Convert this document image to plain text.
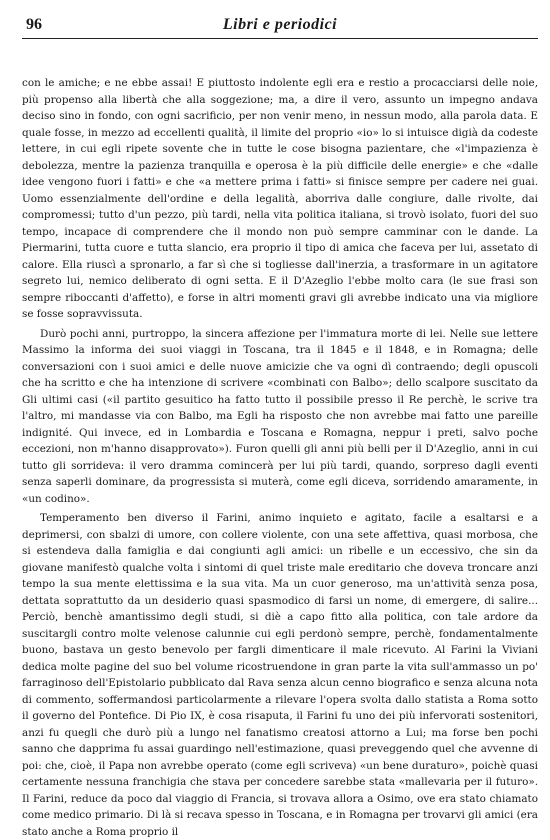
96	Libri e periodici

con le amiche; e ne ebbe assai! E piuttosto indolente egli era e restio a procacciarsi delle noie, più propenso alla libertà che alla soggezione; ma, a dire il vero, assunto un impegno andava deciso sino in fondo, con ogni sacrificio, per non venir meno, in nessun modo, alla parola data. E quale fosse, in mezzo ad eccellenti qualità, il limite del proprio «io» lo si intuisce digià da codeste lettere, in cui egli ripete sovente che in tutte le cose bisogna pazientare, che «l'impazienza è debolezza, mentre la pazienza tranquilla e operosa è la più difficile delle energie» e che «dalle idee vengono fuori i fatti» e che «a mettere prima i fatti» si finisce sempre per cadere nei guai. Uomo essenzialmente dell'ordine e della legalità, aborriva dalle congiure, dalle rivolte, dai compromessi; tutto d'un pezzo, più tardi, nella vita politica italiana, si trovò isolato, fuori del suo tempo, incapace di comprendere che il mondo non può sempre camminar con le dande. La Piermarini, tutta cuore e tutta slancio, era proprio il tipo di amica che faceva per lui, assetato di calore. Ella riuscì a spronarlo, a far sì che si togliesse dall'inerzia, a trasformare in un agitatore segreto lui, nemico deliberato di ogni setta. E il D'Azeglio l'ebbe molto cara (le sue frasi son sempre riboccanti d'affetto), e forse in altri momenti gravi gli avrebbe indicato una via migliore se fosse sopravvissuta.

Durò pochi anni, purtroppo, la sincera affezione per l'immatura morte di lei. Nelle sue lettere Massimo la informa dei suoi viaggi in Toscana, tra il 1845 e il 1848, e in Romagna; delle conversazioni con i suoi amici e delle nuove amicizie che va ogni dì contraendo; degli opuscoli che ha scritto e che ha intenzione di scrivere «combinati con Balbo»; dello scalpore suscitato da Gli ultimi casi («il partito gesuitico ha fatto tutto il possibile presso il Re perchè, le scrive tra l'altro, mi mandasse via con Balbo, ma Egli ha risposto che non avrebbe mai fatto une pareille indignité. Qui invece, ed in Lombardia e Toscana e Romagna, neppur i preti, salvo poche eccezioni, non m'hanno disapprovato»). Furon quelli gli anni più belli per il D'Azeglio, anni in cui tutto gli sorrideva: il vero dramma comincerà per lui più tardi, quando, sorpreso dagli eventi senza saperli dominare, da progressista si muterà, come egli diceva, sorridendo amaramente, in «un codino».

Temperamento ben diverso il Farini, animo inquieto e agitato, facile a esaltarsi e a deprimersi, con sbalzi di umore, con collere violente, con una sete affettiva, quasi morbosa, che si estendeva dalla famiglia e dai congiunti agli amici: un ribelle e un eccessivo, che sin da giovane manifestò qualche volta i sintomi di quel triste male ereditario che doveva troncare anzi tempo la sua mente elettissima e la sua vita. Ma un cuor generoso, ma un'attività senza posa, dettata soprattutto da un desiderio quasi spasmodico di farsi un nome, di emergere, di salire... Perciò, benchè amantissimo degli studi, si diè a capo fitto alla politica, con tale ardore da suscitargli contro molte velenose calunnie cui egli perdonò sempre, perchè, fondamentalmente buono, bastava un gesto benevolo per fargli dimenticare il male ricevuto. Al Farini la Viviani dedica molte pagine del suo bel volume ricostruendone in gran parte la vita sull'ammasso un po' farraginoso dell'Epistolario pubblicato dal Rava senza alcun cenno biografico e senza alcuna nota di commento, soffermandosi particolarmente a rilevare l'opera svolta dallo statista a Roma sotto il governo del Pontefice. Di Pio IX, è cosa risaputa, il Farini fu uno dei più infervorati sostenitori, anzi fu quegli che durò più a lungo nel fanatismo creatosi attorno a Lui; ma forse ben pochi sanno che dapprima fu assai guardingo nell'estimazione, quasi preveggendo quel che avvenne di poi: che, cioè, il Papa non avrebbe operato (come egli scriveva) «un bene duraturo», poichè quasi certamente nessuna franchigia che stava per concedere sarebbe stata «mallevaria per il futuro». Il Farini, reduce da poco dal viaggio di Francia, si trovava allora a Osimo, ove era stato chiamato come medico primario. Di là si recava spesso in Toscana, e in Romagna per trovarvi gli amici (era stato anche a Roma proprio il
